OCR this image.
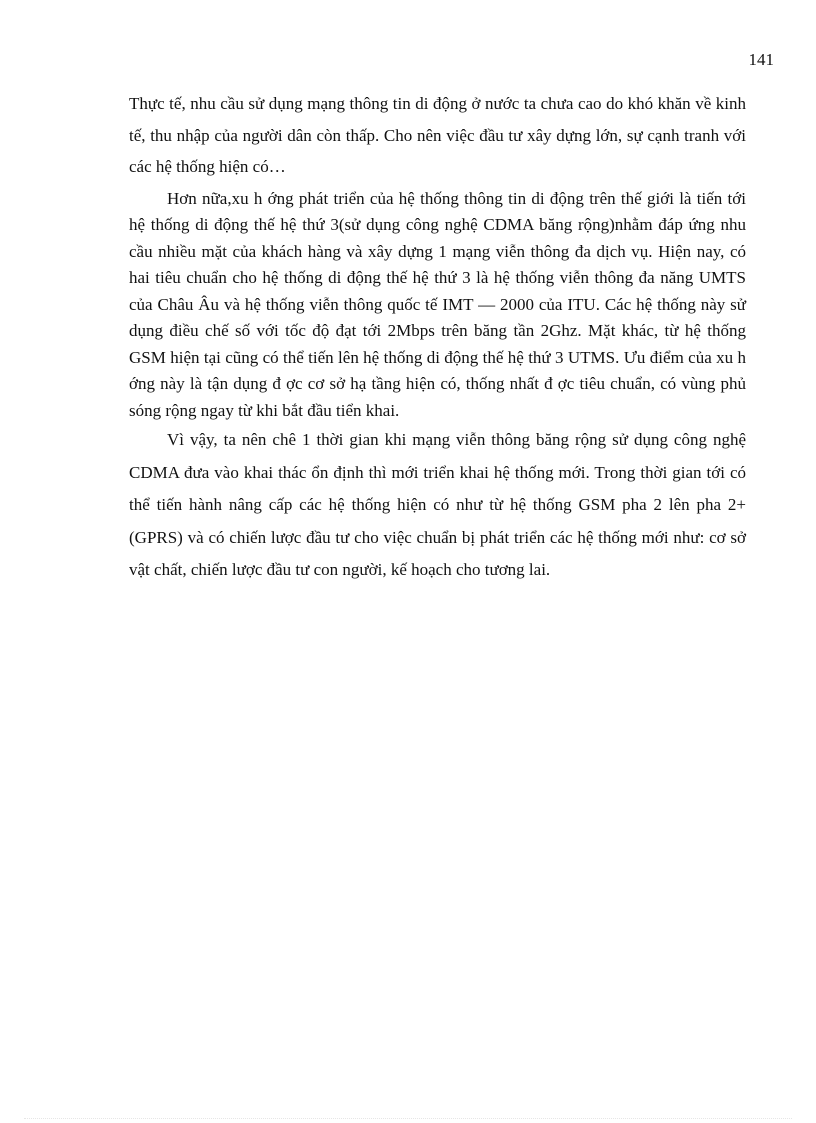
141

Thực tế, nhu cầu sử dụng mạng thông tin di động ở nước ta chưa cao do khó khăn về kinh tế, thu nhập của người dân còn thấp. Cho nên việc đầu tư xây dựng lớn, sự cạnh tranh với các hệ thống hiện có…

Hơn nữa,xu h ớng phát triển của hệ thống thông tin di động trên thế giới là tiến tới hệ thống di động thế hệ thứ 3(sử dụng công nghệ CDMA băng rộng)nhằm đáp ứng nhu cầu nhiều mặt của khách hàng và xây dựng 1 mạng viễn thông đa dịch vụ. Hiện nay, có hai tiêu chuẩn cho hệ thống di động thế hệ thứ 3 là hệ thống viễn thông đa năng UMTS của Châu Âu và hệ thống viễn thông quốc tế IMT — 2000 của ITU. Các hệ thống này sử dụng điều chế số với tốc độ đạt tới 2Mbps trên băng tần 2Ghz. Mặt khác, từ hệ thống GSM hiện tại cũng có thể tiến lên hệ thống di động thế hệ thứ 3 UTMS. Ưu điểm của xu h ớng này là tận dụng đ ợc cơ sở hạ tầng hiện có, thống nhất đ ợc tiêu chuẩn, có vùng phủ sóng rộng ngay từ khi bắt đầu tiển khai.

Vì vậy, ta nên chê 1 thời gian khi mạng viễn thông băng rộng sử dụng công nghệ CDMA đưa vào khai thác ổn định thì mới triển khai hệ thống mới. Trong thời gian tới có thể tiến hành nâng cấp các hệ thống hiện có như từ hệ thống GSM pha 2 lên pha 2+(GPRS) và có chiến lược đầu tư cho việc chuẩn bị phát triển các hệ thống mới như: cơ sở vật chất, chiến lược đầu tư con người, kế hoạch cho tương lai.
